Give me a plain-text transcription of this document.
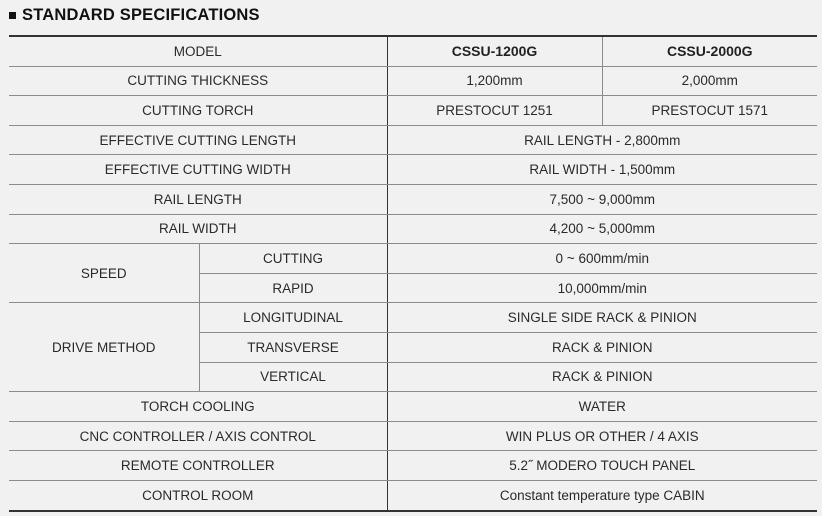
STANDARD SPECIFICATIONS
MODEL		CSSU-1200G	CSSU-2000G
CUTTING THICKNESS		1,200mm	2,000mm
CUTTING TORCH		PRESTOCUT 1251	PRESTOCUT 1571
EFFECTIVE CUTTING LENGTH		RAIL LENGTH - 2,800mm	
EFFECTIVE CUTTING WIDTH		RAIL WIDTH - 1,500mm	
RAIL LENGTH		7,500 ~ 9,000mm	
RAIL WIDTH		4,200 ~ 5,000mm	
SPEED	CUTTING	0 ~ 600mm/min	
	RAPID	10,000mm/min	
DRIVE METHOD	LONGITUDINAL	SINGLE SIDE RACK & PINION	
	TRANSVERSE	RACK & PINION	
	VERTICAL	RACK & PINION	
TORCH COOLING		WATER	
CNC CONTROLLER / AXIS CONTROL		WIN PLUS OR OTHER / 4 AXIS	
REMOTE CONTROLLER		5.2˝ MODERO TOUCH PANEL	
CONTROL ROOM		Constant temperature type CABIN	
